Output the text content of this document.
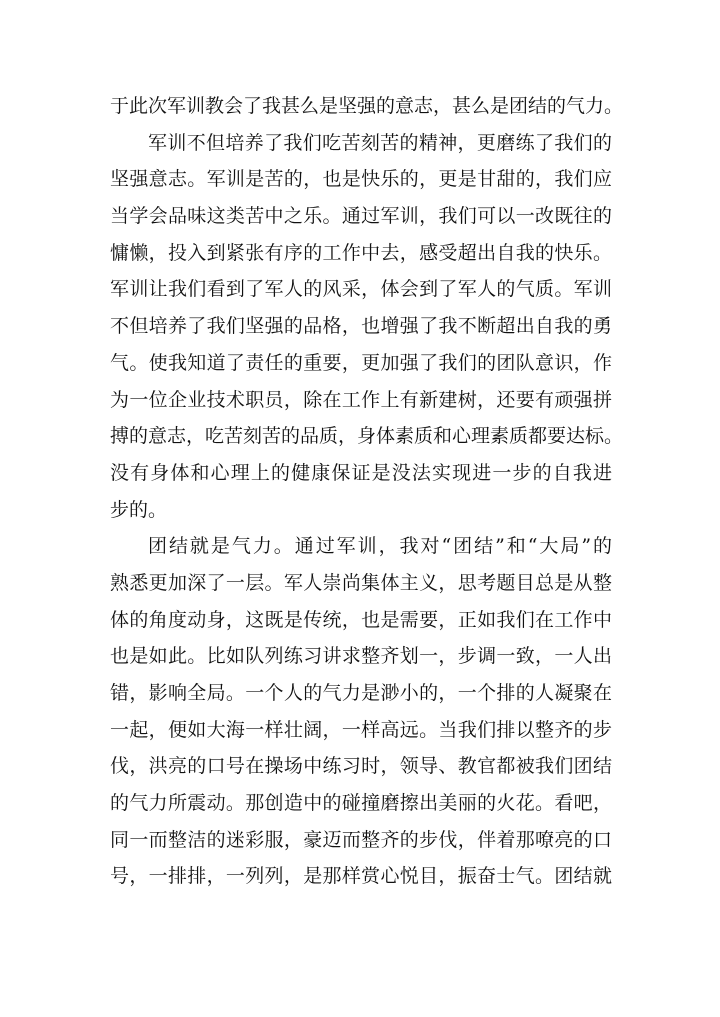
于此次军训教会了我甚么是坚强的意志，甚么是团结的气力。
军训不但培养了我们吃苦刻苦的精神，更磨练了我们的
坚强意志。军训是苦的，也是快乐的，更是甘甜的，我们应
当学会品味这类苦中之乐。通过军训，我们可以一改既往的
慵懒，投入到紧张有序的工作中去，感受超出自我的快乐。
军训让我们看到了军人的风采，体会到了军人的气质。军训
不但培养了我们坚强的品格，也增强了我不断超出自我的勇
气。使我知道了责任的重要，更加强了我们的团队意识，作
为一位企业技术职员，除在工作上有新建树，还要有顽强拼
搏的意志，吃苦刻苦的品质，身体素质和心理素质都要达标。
没有身体和心理上的健康保证是没法实现进一步的自我进
步的。
团结就是气力。通过军训，我对“团结”和“大局”的
熟悉更加深了一层。军人崇尚集体主义，思考题目总是从整
体的角度动身，这既是传统，也是需要，正如我们在工作中
也是如此。比如队列练习讲求整齐划一，步调一致，一人出
错，影响全局。一个人的气力是渺小的，一个排的人凝聚在
一起，便如大海一样壮阔，一样高远。当我们排以整齐的步
伐，洪亮的口号在操场中练习时，领导、教官都被我们团结
的气力所震动。那创造中的碰撞磨擦出美丽的火花。看吧，
同一而整洁的迷彩服，豪迈而整齐的步伐，伴着那嘹亮的口
号，一排排，一列列，是那样赏心悦目，振奋士气。团结就
